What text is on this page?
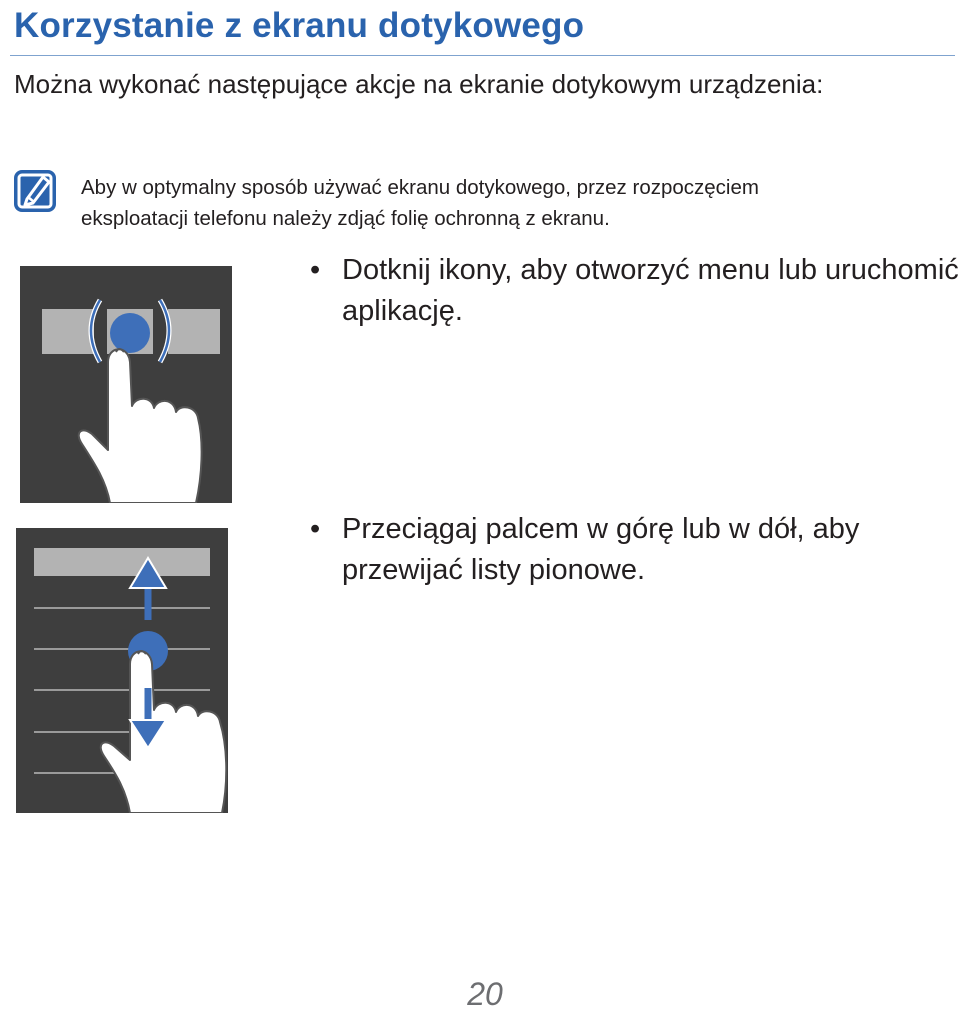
Korzystanie z ekranu dotykowego

Można wykonać następujące akcje na ekranie dotykowym urządzenia:

Aby w optymalny sposób używać ekranu dotykowego, przez rozpoczęciem
eksploatacji telefonu należy zdjąć folię ochronną z ekranu.

• Dotknij ikony, aby otworzyć menu lub uruchomić aplikację.

• Przeciągaj palcem w górę lub w dół, aby przewijać listy pionowe.

20
